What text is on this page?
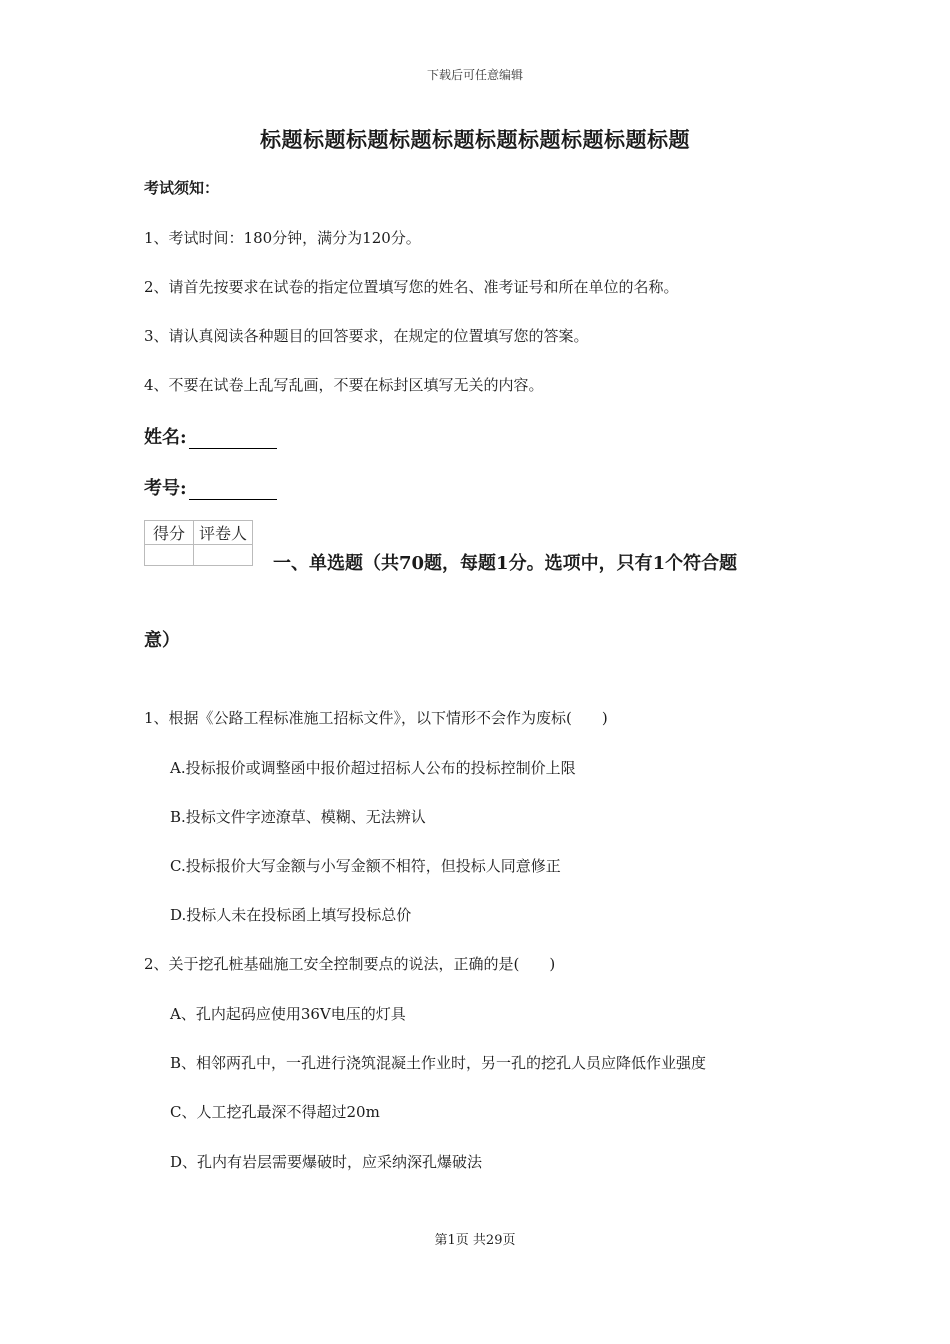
下载后可任意编辑
标题标题标题标题标题标题标题标题标题标题
考试须知：
1、考试时间：180分钟，满分为120分。
2、请首先按要求在试卷的指定位置填写您的姓名、准考证号和所在单位的名称。
3、请认真阅读各种题目的回答要求，在规定的位置填写您的答案。
4、不要在试卷上乱写乱画，不要在标封区填写无关的内容。
姓名:
考号:
得分	评卷人

一、单选题（共70题，每题1分。选项中，只有1个符合题
意）
1、根据《公路工程标准施工招标文件》，以下情形不会作为废标(　　)
A.投标报价或调整函中报价超过招标人公布的投标控制价上限
B.投标文件字迹潦草、模糊、无法辨认
C.投标报价大写金额与小写金额不相符，但投标人同意修正
D.投标人未在投标函上填写投标总价
2、关于挖孔桩基础施工安全控制要点的说法，正确的是(　　)
A、孔内起码应使用36V电压的灯具
B、相邻两孔中，一孔进行浇筑混凝土作业时，另一孔的挖孔人员应降低作业强度
C、人工挖孔最深不得超过20m
D、孔内有岩层需要爆破时，应采纳深孔爆破法
第1页 共29页
